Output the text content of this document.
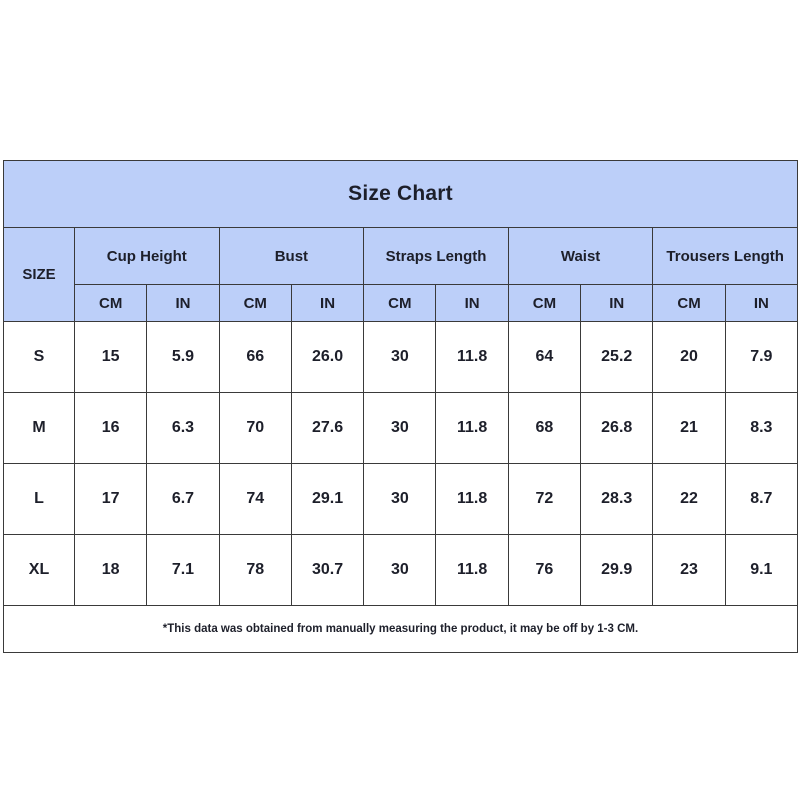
Size Chart										
SIZE	Cup Height		Bust		Straps Length		Waist		Trousers Length	
	CM	IN	CM	IN	CM	IN	CM	IN	CM	IN
S	15	5.9	66	26.0	30	11.8	64	25.2	20	7.9
M	16	6.3	70	27.6	30	11.8	68	26.8	21	8.3
L	17	6.7	74	29.1	30	11.8	72	28.3	22	8.7
XL	18	7.1	78	30.7	30	11.8	76	29.9	23	9.1
*This data was obtained from manually measuring the product, it may be off by 1-3 CM.										
